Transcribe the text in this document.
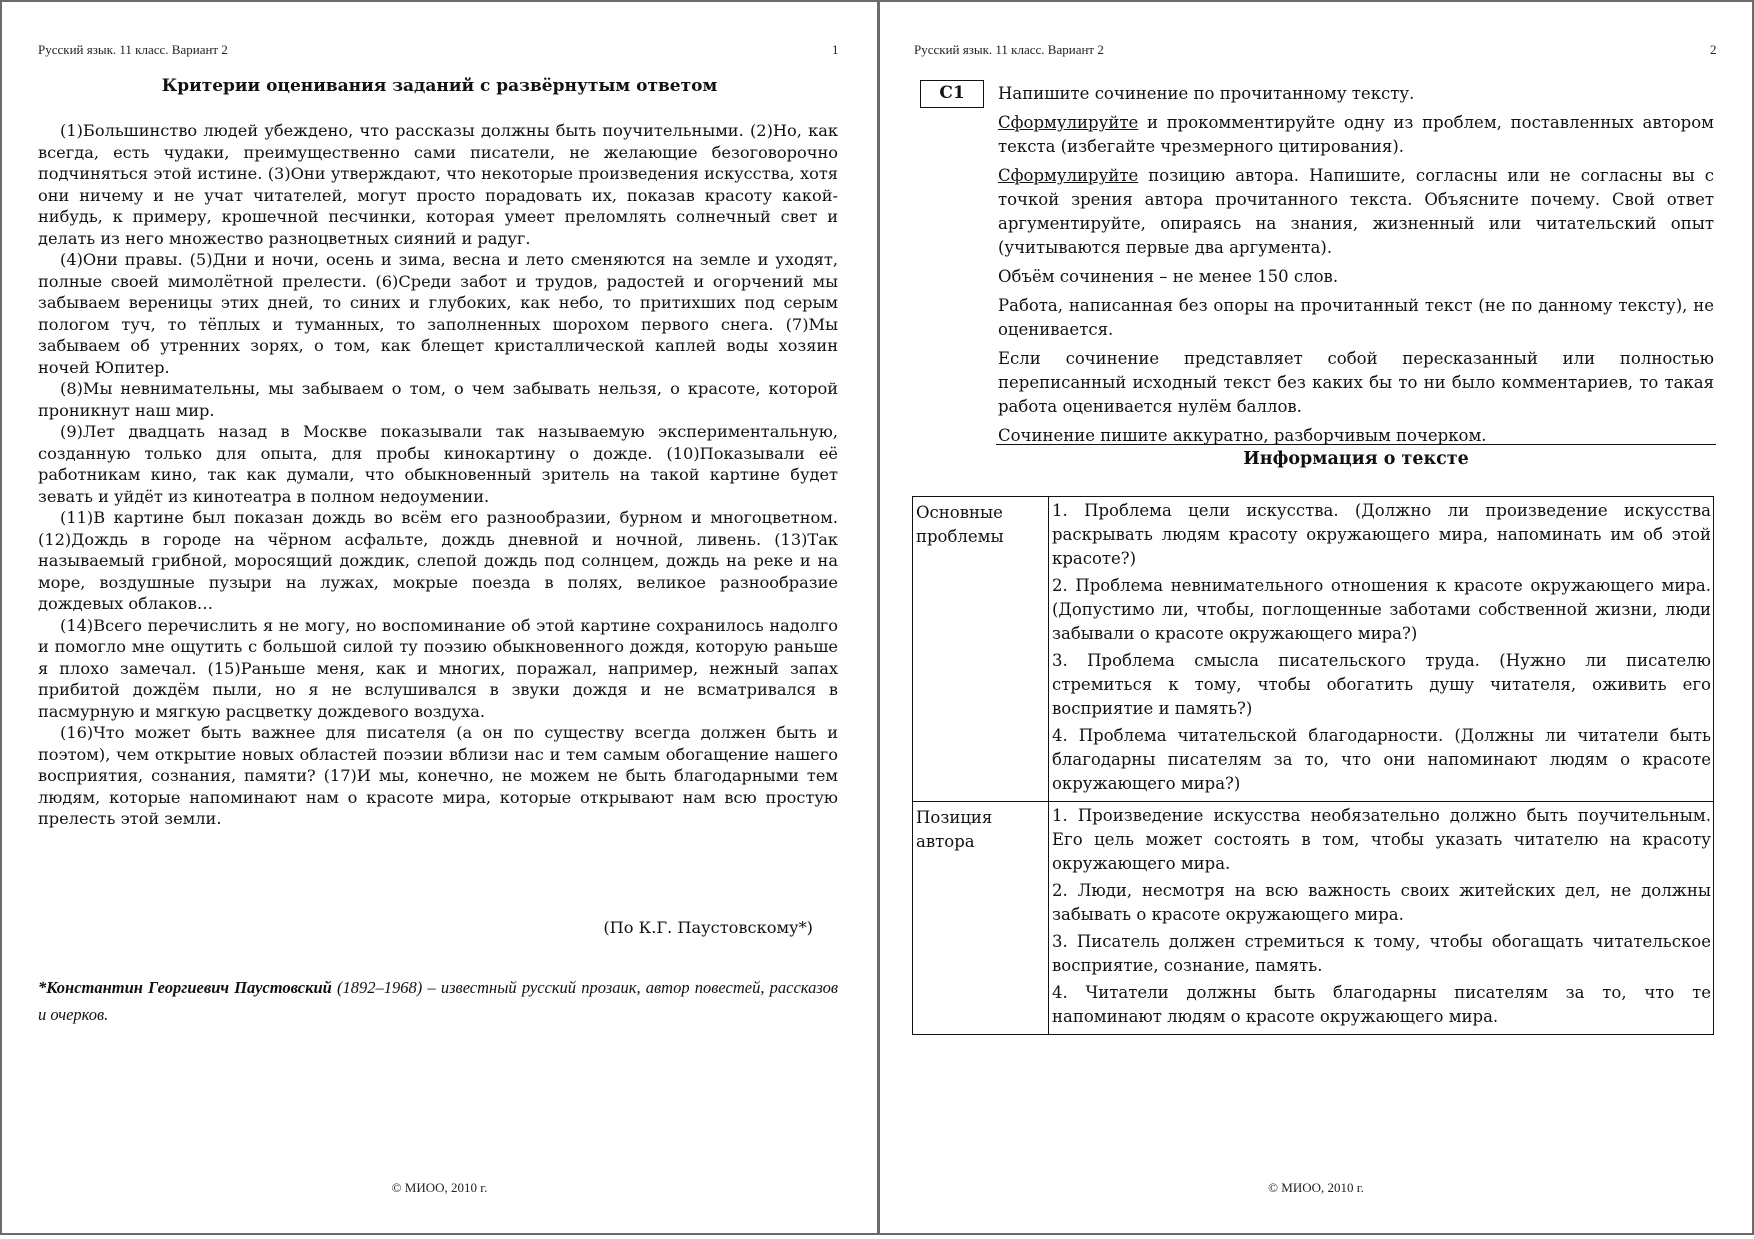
Русский язык. 11 класс. Вариант 2	1
Критерии оценивания заданий с развёрнутым ответом

(1)Большинство людей убеждено, что рассказы должны быть поучительными. (2)Но, как всегда, есть чудаки, преимущественно сами писатели, не желающие безоговорочно подчиняться этой истине. (3)Они утверждают, что некоторые произведения искусства, хотя они ничему и не учат читателей, могут просто порадовать их, показав красоту какой-нибудь, к примеру, крошечной песчинки, которая умеет преломлять солнечный свет и делать из него множество разноцветных сияний и радуг.

(4)Они правы. (5)Дни и ночи, осень и зима, весна и лето сменяются на земле и уходят, полные своей мимолётной прелести. (6)Среди забот и трудов, радостей и огорчений мы забываем вереницы этих дней, то синих и глубоких, как небо, то притихших под серым пологом туч, то тёплых и туманных, то заполненных шорохом первого снега. (7)Мы забываем об утренних зорях, о том, как блещет кристаллической каплей воды хозяин ночей Юпитер.

(8)Мы невнимательны, мы забываем о том, о чем забывать нельзя, о красоте, которой проникнут наш мир.

(9)Лет двадцать назад в Москве показывали так называемую экспериментальную, созданную только для опыта, для пробы кинокартину о дожде. (10)Показывали её работникам кино, так как думали, что обыкновенный зритель на такой картине будет зевать и уйдёт из кинотеатра в полном недоумении.

(11)В картине был показан дождь во всём его разнообразии, бурном и многоцветном. (12)Дождь в городе на чёрном асфальте, дождь дневной и ночной, ливень. (13)Так называемый грибной, моросящий дождик, слепой дождь под солнцем, дождь на реке и на море, воздушные пузыри на лужах, мокрые поезда в полях, великое разнообразие дождевых облаков…

(14)Всего перечислить я не могу, но воспоминание об этой картине сохранилось надолго и помогло мне ощутить с большой силой ту поэзию обыкновенного дождя, которую раньше я плохо замечал. (15)Раньше меня, как и многих, поражал, например, нежный запах прибитой дождём пыли, но я не вслушивался в звуки дождя и не всматривался в пасмурную и мягкую расцветку дождевого воздуха.

(16)Что может быть важнее для писателя (а он по существу всегда должен быть и поэтом), чем открытие новых областей поэзии вблизи нас и тем самым обогащение нашего восприятия, сознания, памяти? (17)И мы, конечно, не можем не быть благодарными тем людям, которые напоминают нам о красоте мира, которые открывают нам всю простую прелесть этой земли.

(По К.Г. Паустовскому*)
*Константин Георгиевич Паустовский (1892–1968) – известный русский прозаик, автор повестей, рассказов и очерков.
© МИОО, 2010 г.
Русский язык. 11 класс. Вариант 2	2
С1	Напишите сочинение по прочитанному тексту.

Сформулируйте и прокомментируйте одну из проблем, поставленных автором текста (избегайте чрезмерного цитирования).

Сформулируйте позицию автора. Напишите, согласны или не согласны вы с точкой зрения автора прочитанного текста. Объясните почему. Свой ответ аргументируйте, опираясь на знания, жизненный или читательский опыт (учитываются первые два аргумента).

Объём сочинения – не менее 150 слов.

Работа, написанная без опоры на прочитанный текст (не по данному тексту), не оценивается.

Если сочинение представляет собой пересказанный или полностью переписанный исходный текст без каких бы то ни было комментариев, то такая работа оценивается нулём баллов.

Сочинение пишите аккуратно, разборчивым почерком.

Информация о тексте
Основные проблемы	1. Проблема цели искусства. (Должно ли произведение искусства раскрывать людям красоту окружающего мира, напоминать им об этой красоте?)
2. Проблема невнимательного отношения к красоте окружающего мира. (Допустимо ли, чтобы, поглощенные заботами собственной жизни, люди забывали о красоте окружающего мира?)
3. Проблема смысла писательского труда. (Нужно ли писателю стремиться к тому, чтобы обогатить душу читателя, оживить его восприятие и память?)
4. Проблема читательской благодарности. (Должны ли читатели быть благодарны писателям за то, что они напоминают людям о красоте окружающего мира?)

Позиция автора	1. Произведение искусства необязательно должно быть поучительным. Его цель может состоять в том, чтобы указать читателю на красоту окружающего мира.
2. Люди, несмотря на всю важность своих житейских дел, не должны забывать о красоте окружающего мира.
3. Писатель должен стремиться к тому, чтобы обогащать читательское восприятие, сознание, память.
4. Читатели должны быть благодарны писателям за то, что те напоминают людям о красоте окружающего мира.
© МИОО, 2010 г.
